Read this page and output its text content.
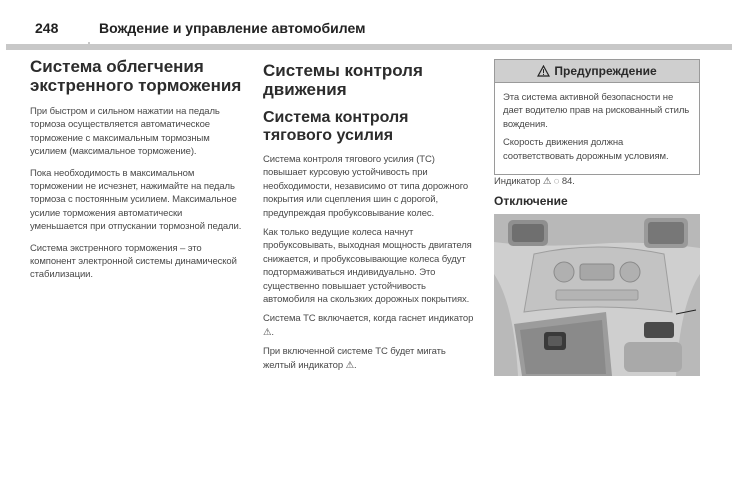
248	Вождение и управление автомобилем
Система облегчения экстренного торможения

При быстром и сильном нажатии на педаль тормоза осуществляется автоматическое торможение с максимальным тормозным усилием (максимальное торможение).

Пока необходимость в максимальном торможении не исчезнет, нажимайте на педаль тормоза с постоянным усилием. Максимальное усилие торможения автоматически уменьшается при отпускании тормозной педали.

Система экстренного торможения – это компонент электронной системы динамической стабилизации.

Системы контроля движения
Система контроля тягового усилия

Система контроля тягового усилия (TC) повышает курсовую устойчивость при необходимости, независимо от типа дорожного покрытия или сцепления шин с дорогой, предупреждая пробуксовывание колес.

Как только ведущие колеса начнут пробуксовывать, выходная мощность двигателя снижается, и пробуксовывающие колеса будут подтормаживаться индивидуально. Это существенно повышает устойчивость автомобиля на скользких дорожных покрытиях.

Система TC включается, когда гаснет индикатор ⚠.

При включенной системе TC будет мигать желтый индикатор ⚠.

Предупреждение

Эта система активной безопасности не дает водителю прав на рискованный стиль вождения.

Скорость движения должна соответствовать дорожным условиям.

Индикатор ⚠ ◌ 84.

Отключение
